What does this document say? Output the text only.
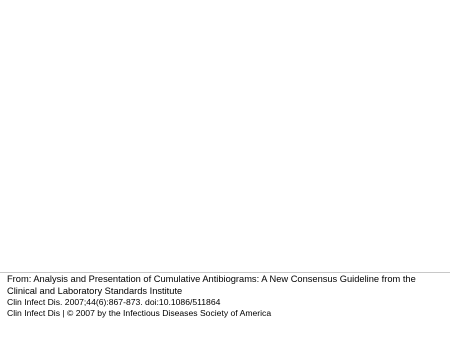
From: Analysis and Presentation of Cumulative Antibiograms: A New Consensus Guideline from the Clinical and Laboratory Standards Institute

Clin Infect Dis. 2007;44(6):867-873. doi:10.1086/511864

Clin Infect Dis | © 2007 by the Infectious Diseases Society of America
